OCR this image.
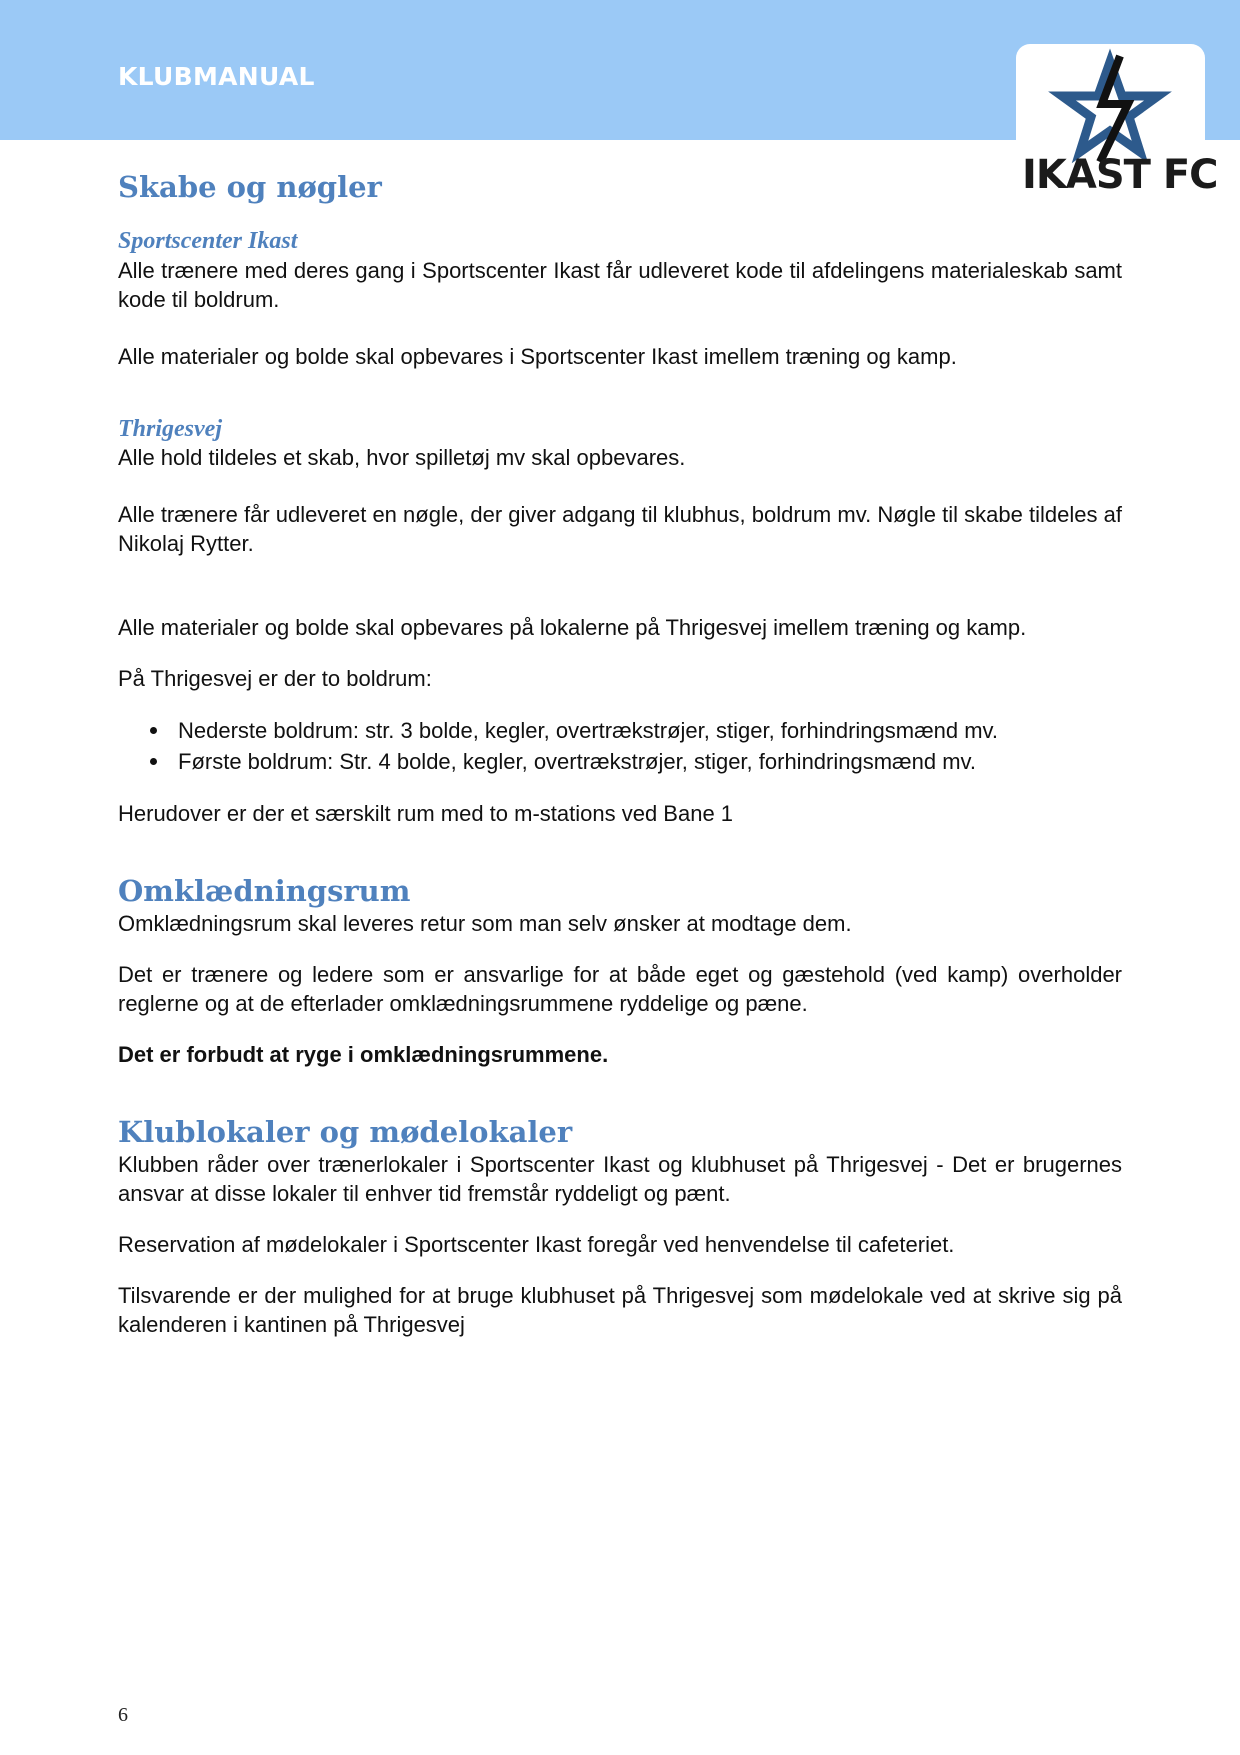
KLUBMANUAL
IKAST FC
Skabe og nøgler
Sportscenter Ikast

Alle trænere med deres gang i Sportscenter Ikast får udleveret kode til afdelingens materialeskab samt kode til boldrum.

Alle materialer og bolde skal opbevares i Sportscenter Ikast imellem træning og kamp.

Thrigesvej

Alle hold tildeles et skab, hvor spilletøj mv skal opbevares.

Alle trænere får udleveret en nøgle, der giver adgang til klubhus, boldrum mv. Nøgle til skabe tildeles af Nikolaj Rytter.

Alle materialer og bolde skal opbevares på lokalerne på Thrigesvej imellem træning og kamp.

På Thrigesvej er der to boldrum:

Nederste boldrum: str. 3 bolde, kegler, overtrækstrøjer, stiger, forhindringsmænd mv.
Første boldrum: Str. 4 bolde, kegler, overtrækstrøjer, stiger, forhindringsmænd mv.

Herudover er der et særskilt rum med to m-stations ved Bane 1

Omklædningsrum

Omklædningsrum skal leveres retur som man selv ønsker at modtage dem.

Det er trænere og ledere som er ansvarlige for at både eget og gæstehold (ved kamp) overholder reglerne og at de efterlader omklædningsrummene ryddelige og pæne.

Det er forbudt at ryge i omklædningsrummene.

Klublokaler og mødelokaler

Klubben råder over trænerlokaler i Sportscenter Ikast og klubhuset på Thrigesvej - Det er brugernes ansvar at disse lokaler til enhver tid fremstår ryddeligt og pænt.

Reservation af mødelokaler i Sportscenter Ikast foregår ved henvendelse til cafeteriet.

Tilsvarende er der mulighed for at bruge klubhuset på Thrigesvej som mødelokale ved at skrive sig på kalenderen i kantinen på Thrigesvej

6
